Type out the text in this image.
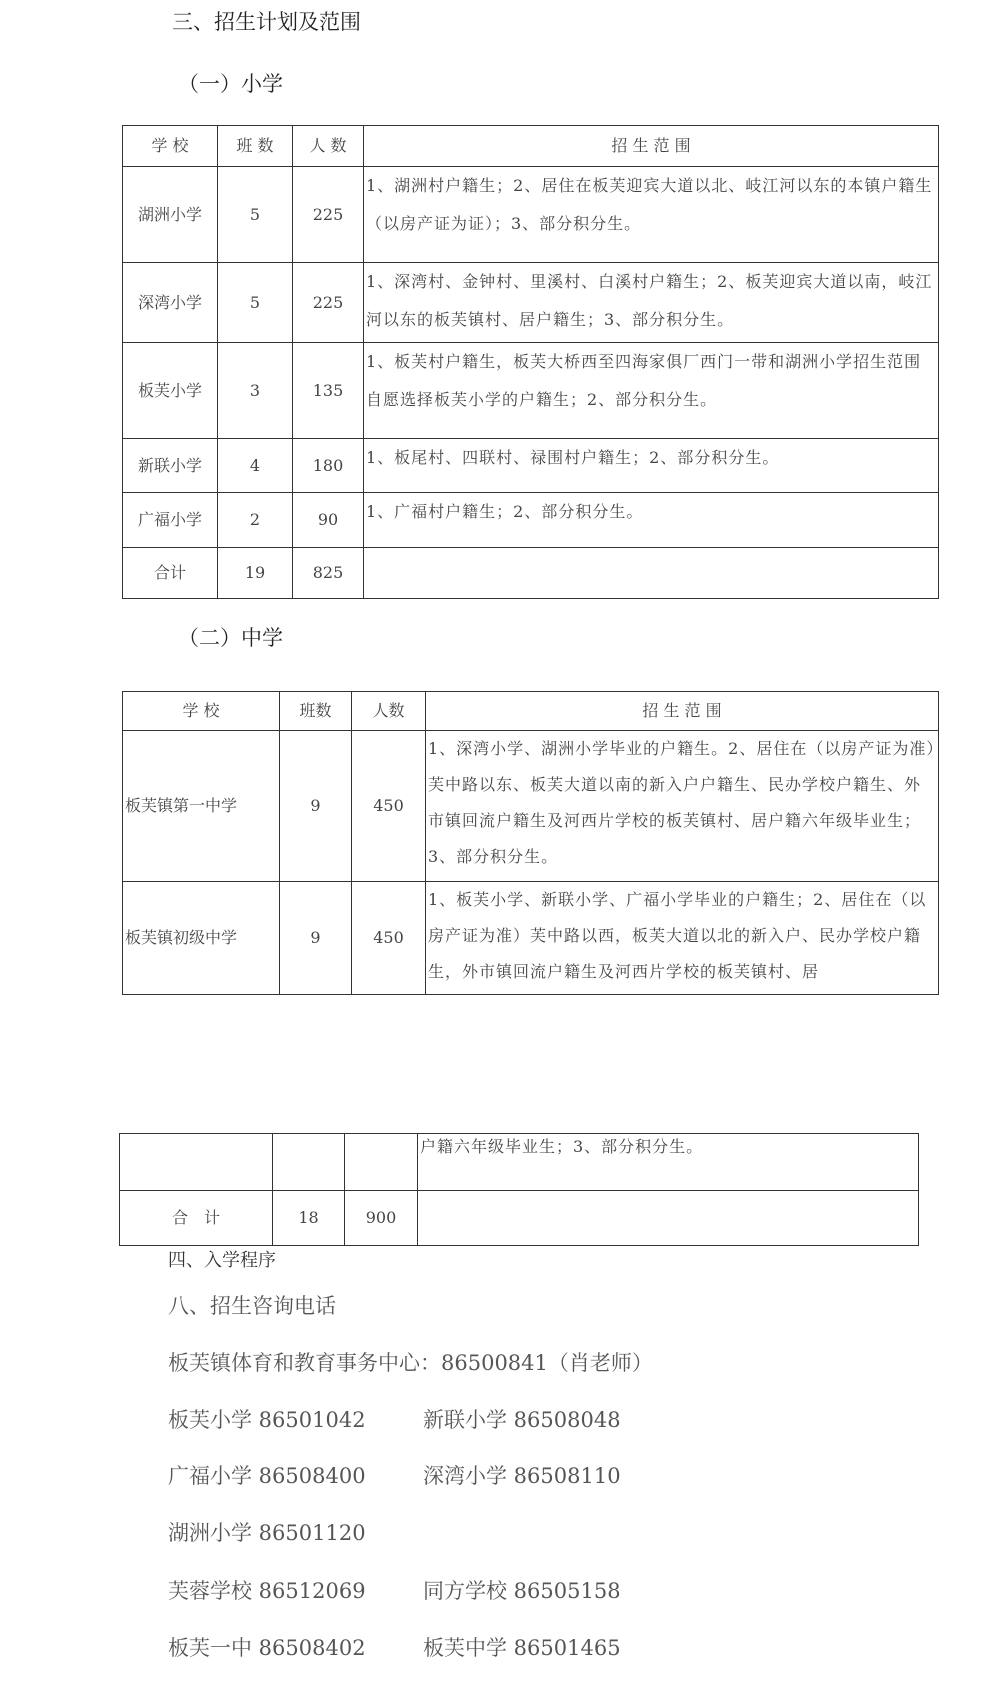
三、招生计划及范围
（一）小学
学 校	班 数	人 数	招 生 范 围
湖洲小学	5	225	1、湖洲村户籍生；2、居住在板芙迎宾大道以北、岐江河以东的本镇户籍生（以房产证为证）；3、部分积分生。
深湾小学	5	225	1、深湾村、金钟村、里溪村、白溪村户籍生；2、板芙迎宾大道以南，岐江河以东的板芙镇村、居户籍生；3、部分积分生。
板芙小学	3	135	1、板芙村户籍生，板芙大桥西至四海家俱厂西门一带和湖洲小学招生范围自愿选择板芙小学的户籍生；2、部分积分生。
新联小学	4	180	1、板尾村、四联村、禄围村户籍生；2、部分积分生。
广福小学	2	90	1、广福村户籍生；2、部分积分生。
合计	19	825	
（二）中学
学 校	班数	人数	招 生 范 围
板芙镇第一中学	9	450	1、深湾小学、湖洲小学毕业的户籍生。2、居住在（以房产证为准）芙中路以东、板芙大道以南的新入户户籍生、民办学校户籍生、外市镇回流户籍生及河西片学校的板芙镇村、居户籍六年级毕业生；3、部分积分生。
板芙镇初级中学	9	450	1、板芙小学、新联小学、广福小学毕业的户籍生；2、居住在（以房产证为准）芙中路以西，板芙大道以北的新入户、民办学校户籍生，外市镇回流户籍生及河西片学校的板芙镇村、居
			户籍六年级毕业生；3、部分积分生。
合　计	18	900	
四、入学程序
八、招生咨询电话
板芙镇体育和教育事务中心：86500841（肖老师）
板芙小学 86501042	新联小学 86508048
广福小学 86508400	深湾小学 86508110
湖洲小学 86501120
芙蓉学校 86512069	同方学校 86505158
板芙一中 86508402	板芙中学 86501465
